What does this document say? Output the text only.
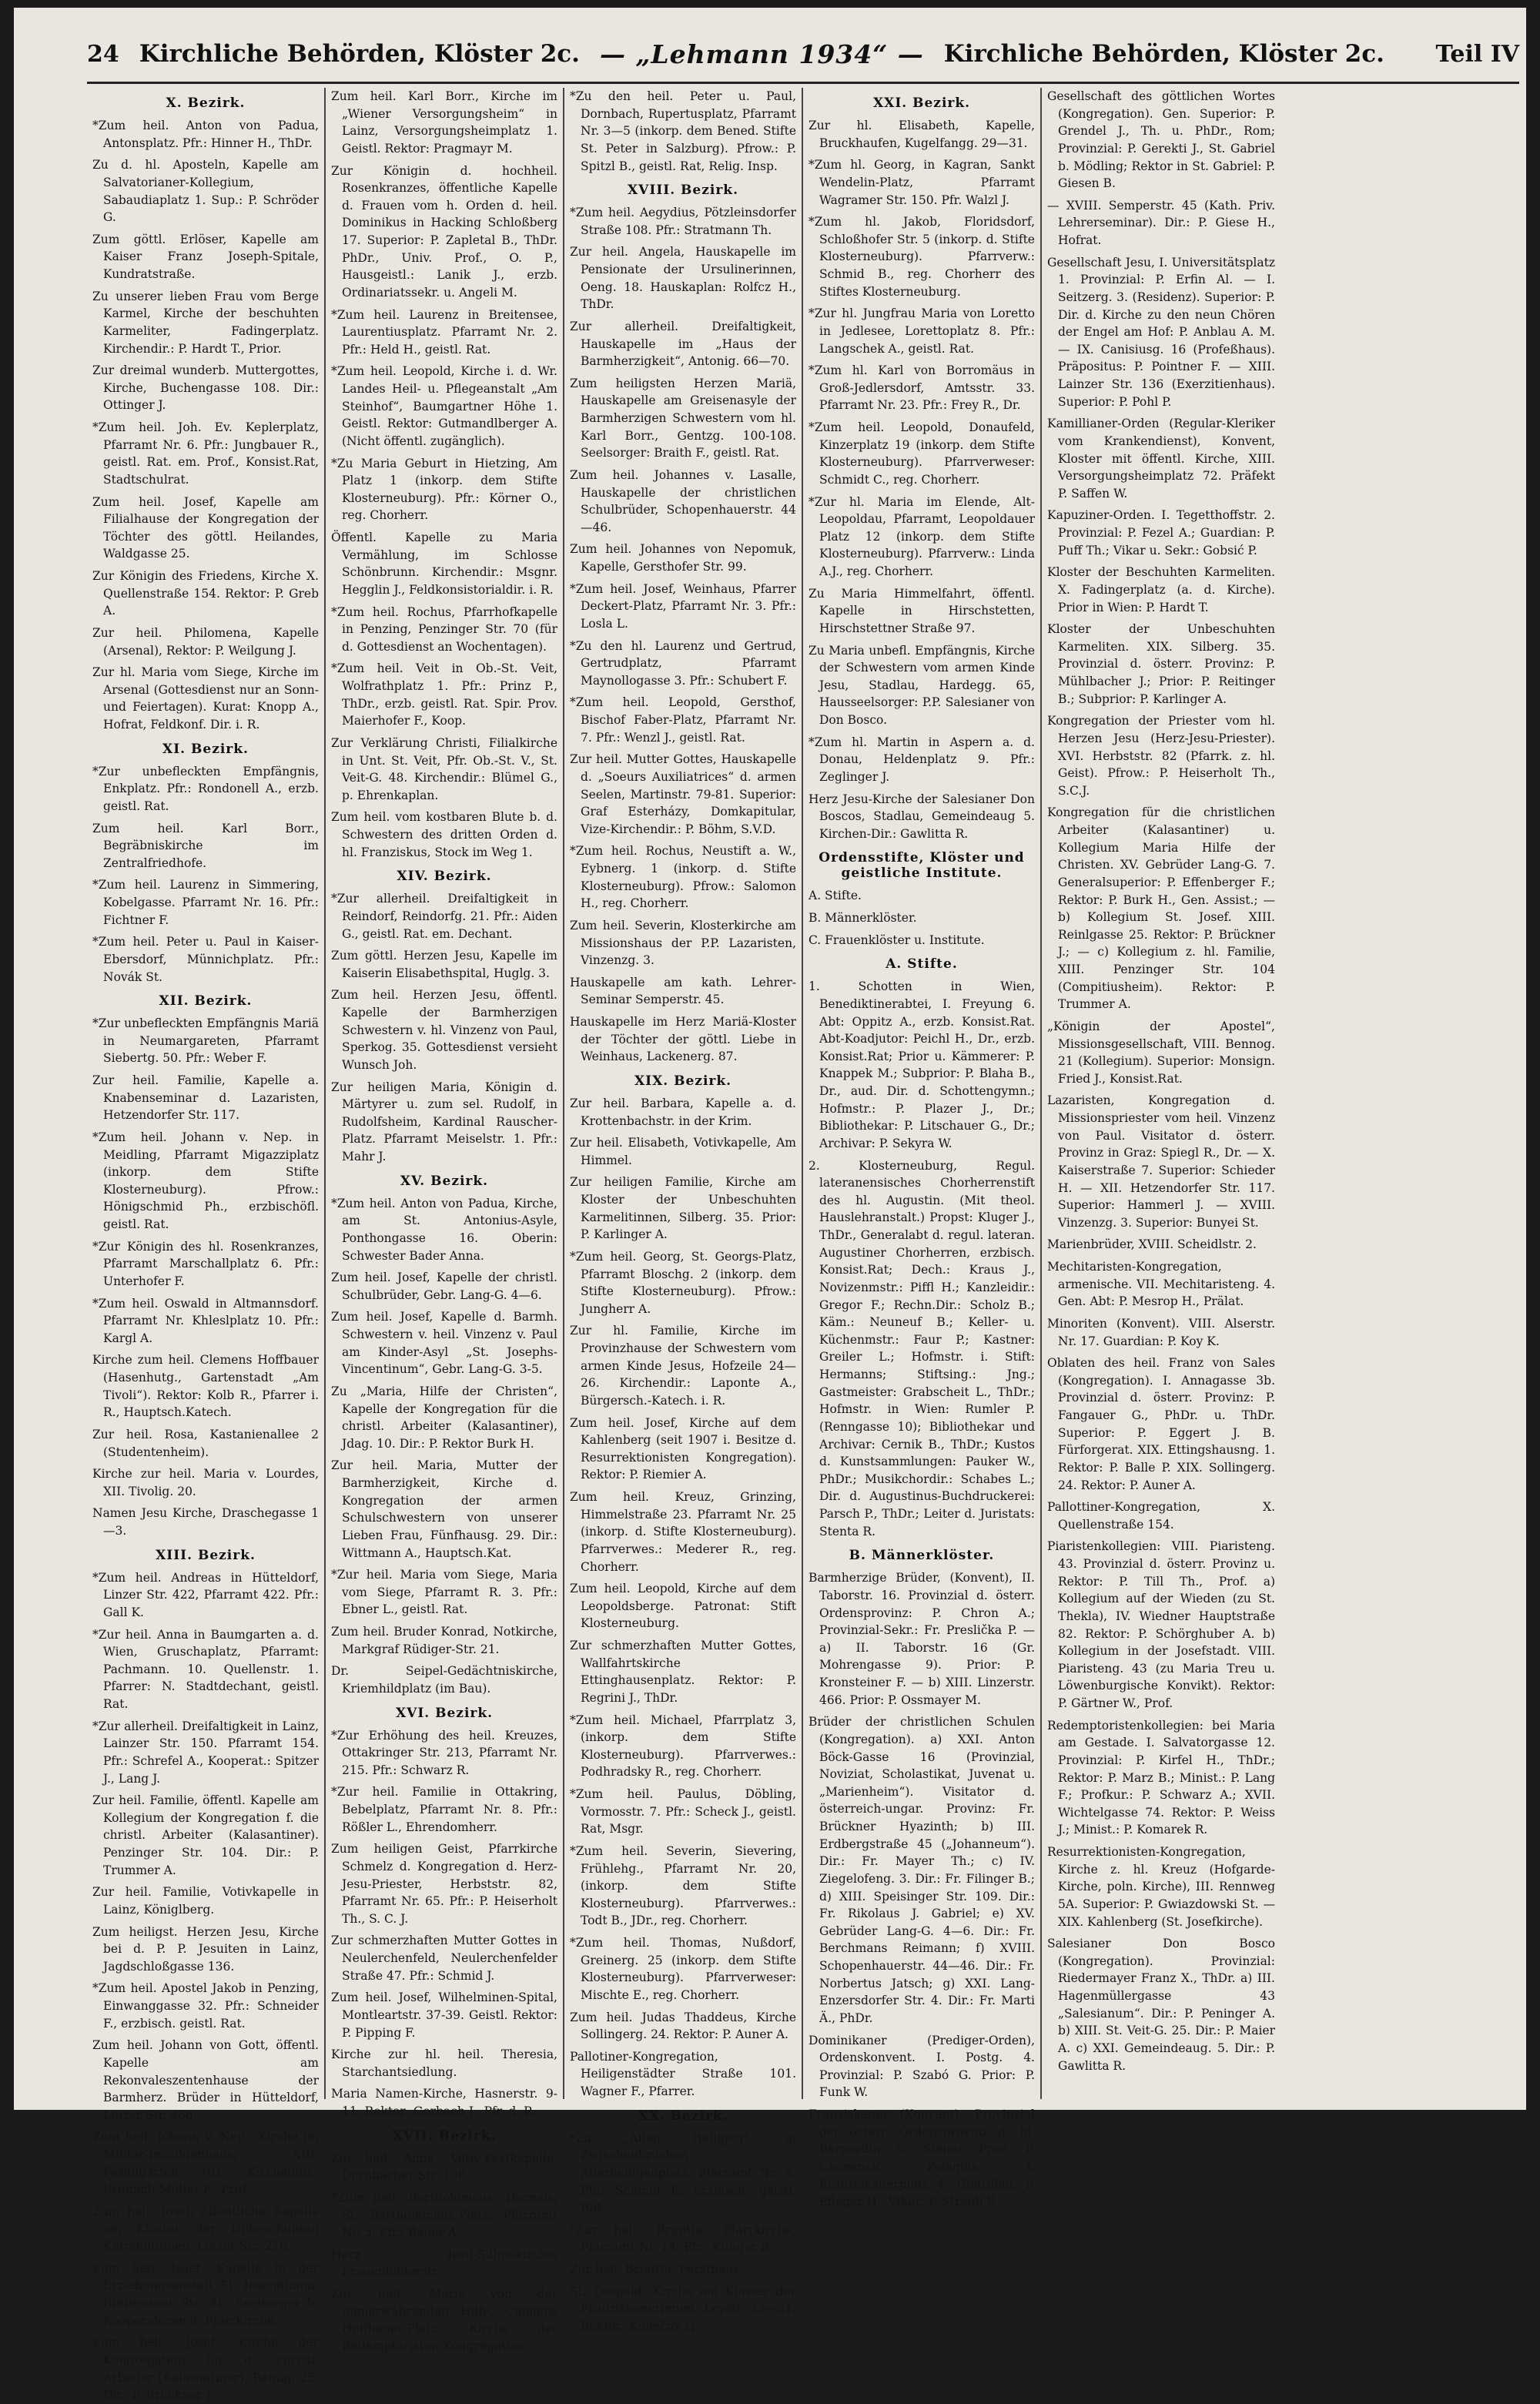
24 Kirchliche Behörden, Klöster 2c. — „Lehmann 1934“ — Kirchliche Behörden, Klöster 2c. Teil IV
X. Bezirk.
*Zum heil. Anton von Padua, Antonsplatz. Pfr.: Hinner H., ThDr.
Zu d. hl. Aposteln, Kapelle am Salvatorianer-Kollegium, Sabaudiaplatz 1. Sup.: P. Schröder G.
Zum göttl. Erlöser, Kapelle am Kaiser Franz Joseph-Spitale, Kundratstraße.
Zu unserer lieben Frau vom Berge Karmel, Kirche der beschuhten Karmeliter, Fadingerplatz. Kirchendir.: P. Hardt T., Prior.
Zur dreimal wunderb. Muttergottes, Kirche, Buchengasse 108. Dir.: Ottinger J.
*Zum heil. Joh. Ev. Keplerplatz, Pfarramt Nr. 6. Pfr.: Jungbauer R., geistl. Rat. em. Prof., Konsist.Rat, Stadtschulrat.
Zum heil. Josef, Kapelle am Filialhause der Kongregation der Töchter des göttl. Heilandes, Waldgasse 25.
Zur Königin des Friedens, Kirche X. Quellenstraße 154. Rektor: P. Greb A.
Zur heil. Philomena, Kapelle (Arsenal), Rektor: P. Weilgung J.
Zur hl. Maria vom Siege, Kirche im Arsenal (Gottesdienst nur an Sonn- und Feiertagen). Kurat: Knopp A., Hofrat, Feldkonf. Dir. i. R.
XI. Bezirk.
*Zur unbefleckten Empfängnis, Enkplatz. Pfr.: Rondonell A., erzb. geistl. Rat.
Zum heil. Karl Borr., Begräbniskirche im Zentralfriedhofe.
*Zum heil. Laurenz in Simmering, Kobelgasse. Pfarramt Nr. 16. Pfr.: Fichtner F.
*Zum heil. Peter u. Paul in Kaiser-Ebersdorf, Münnichplatz. Pfr.: Novák St.
XII. Bezirk.
*Zur unbefleckten Empfängnis Mariä in Neumargareten, Pfarramt Siebertg. 50. Pfr.: Weber F.
Zur heil. Familie, Kapelle a. Knabenseminar d. Lazaristen, Hetzendorfer Str. 117.
*Zum heil. Johann v. Nep. in Meidling, Pfarramt Migazziplatz (inkorp. dem Stifte Klosterneuburg). Pfrow.: Hönigschmid Ph., erzbischöfl. geistl. Rat.
*Zur Königin des hl. Rosenkranzes, Pfarramt Marschallplatz 6. Pfr.: Unterhofer F.
*Zum heil. Oswald in Altmannsdorf. Pfarramt Nr. Khleslplatz 10. Pfr.: Kargl A.
Kirche zum heil. Clemens Hoffbauer (Hasenhutg., Gartenstadt „Am Tivoli“). Rektor: Kolb R., Pfarrer i. R., Hauptsch.Katech.
Zur heil. Rosa, Kastanienallee 2 (Studentenheim).
Kirche zur heil. Maria v. Lourdes, XII. Tivolig. 20.
Namen Jesu Kirche, Draschegasse 1—3.
XIII. Bezirk.
*Zum heil. Andreas in Hütteldorf, Linzer Str. 422, Pfarramt 422. Pfr.: Gall K.
*Zur heil. Anna in Baumgarten a. d. Wien, Gruschaplatz, Pfarramt: Pachmann. 10. Quellenstr. 1. Pfarrer: N. Stadtdechant, geistl. Rat.
*Zur allerheil. Dreifaltigkeit in Lainz, Lainzer Str. 150. Pfarramt 154. Pfr.: Schrefel A., Kooperat.: Spitzer J., Lang J.
Zur heil. Familie, öffentl. Kapelle am Kollegium der Kongregation f. die christl. Arbeiter (Kalasantiner). Penzinger Str. 104. Dir.: P. Trummer A.
Zur heil. Familie, Votivkapelle in Lainz, Königlberg.
Zum heiligst. Herzen Jesu, Kirche bei d. P. P. Jesuiten in Lainz, Jagdschloßgasse 136.
*Zum heil. Apostel Jakob in Penzing, Einwanggasse 32. Pfr.: Schneider F., erzbisch. geistl. Rat.
Zum heil. Johann von Gott, öffentl. Kapelle am Rekonvaleszentenhause der Barmherz. Brüder in Hütteldorf, Linzer Str. 466.
Zum heil. Johann v. Nep., Kirche im Militär-Invalidenhaus, XIII. Fasangarten 101. Kirchendir.: Brinnich-Müller F., Prof.
Zum heil. Josef, öffentliche Kapelle am Kloster der Unbeschuhten Karmelitinnen, Linzer Str. 216.
Zum heil. Josef, Kapelle in der Erziehungsanstalt St. Josephinum, Breitenseer Str. 31. Seelsorger b. Kooperatoren d. Pfarrkirche.
Zum heil. Josef, Kirche der Kongregation für d. christl. Arbeiter (Kalasantiner), Reinlg. 25. Dir.: P. Brückner J.
Zum heil. Karl Borr., Kirche im „Wiener Versorgungsheim“ in Lainz, Versorgungsheimplatz 1. Geistl. Rektor: Pragmayr M.
Zur Königin d. hochheil. Rosenkranzes, öffentliche Kapelle d. Frauen vom h. Orden d. heil. Dominikus in Hacking Schloßberg 17. Superior: P. Zapletal B., ThDr. PhDr., Univ. Prof., O. P., Hausgeistl.: Lanik J., erzb. Ordinariatssekr. u. Angeli M.
*Zum heil. Laurenz in Breitensee, Laurentiusplatz. Pfarramt Nr. 2. Pfr.: Held H., geistl. Rat.
*Zum heil. Leopold, Kirche i. d. Wr. Landes Heil- u. Pflegeanstalt „Am Steinhof“, Baumgartner Höhe 1. Geistl. Rektor: Gutmandlberger A. (Nicht öffentl. zugänglich).
*Zu Maria Geburt in Hietzing, Am Platz 1 (inkorp. dem Stifte Klosterneuburg). Pfr.: Körner O., reg. Chorherr.
Öffentl. Kapelle zu Maria Vermählung, im Schlosse Schönbrunn. Kirchendir.: Msgnr. Hegglin J., Feldkonsistorialdir. i. R.
*Zum heil. Rochus, Pfarrhofkapelle in Penzing, Penzinger Str. 70 (für d. Gottesdienst an Wochentagen).
*Zum heil. Veit in Ob.-St. Veit, Wolfrathplatz 1. Pfr.: Prinz P., ThDr., erzb. geistl. Rat. Spir. Prov. Maierhofer F., Koop.
Zur Verklärung Christi, Filialkirche in Unt. St. Veit, Pfr. Ob.-St. V., St. Veit-G. 48. Kirchendir.: Blümel G., p. Ehrenkaplan.
Zum heil. vom kostbaren Blute b. d. Schwestern des dritten Orden d. hl. Franziskus, Stock im Weg 1.
XIV. Bezirk.
*Zur allerheil. Dreifaltigkeit in Reindorf, Reindorfg. 21. Pfr.: Aiden G., geistl. Rat. em. Dechant.
Zum göttl. Herzen Jesu, Kapelle im Kaiserin Elisabethspital, Huglg. 3.
Zum heil. Herzen Jesu, öffentl. Kapelle der Barmherzigen Schwestern v. hl. Vinzenz von Paul, Sperkog. 35. Gottesdienst versieht Wunsch Joh.
Zur heiligen Maria, Königin d. Märtyrer u. zum sel. Rudolf, in Rudolfsheim, Kardinal Rauscher-Platz. Pfarramt Meiselstr. 1. Pfr.: Mahr J.
XV. Bezirk.
*Zum heil. Anton von Padua, Kirche, am St. Antonius-Asyle, Ponthongasse 16. Oberin: Schwester Bader Anna.
Zum heil. Josef, Kapelle der christl. Schulbrüder, Gebr. Lang-G. 4—6.
Zum heil. Josef, Kapelle d. Barmh. Schwestern v. heil. Vinzenz v. Paul am Kinder-Asyl „St. Josephs-Vincentinum“, Gebr. Lang-G. 3-5.
Zu „Maria, Hilfe der Christen“, Kapelle der Kongregation für die christl. Arbeiter (Kalasantiner), Jdag. 10. Dir.: P. Rektor Burk H.
Zur heil. Maria, Mutter der Barmherzigkeit, Kirche d. Kongregation der armen Schulschwestern von unserer Lieben Frau, Fünfhausg. 29. Dir.: Wittmann A., Hauptsch.Kat.
*Zur heil. Maria vom Siege, Maria vom Siege, Pfarramt R. 3. Pfr.: Ebner L., geistl. Rat.
Zum heil. Bruder Konrad, Notkirche, Markgraf Rüdiger-Str. 21.
Dr. Seipel-Gedächtniskirche, Kriemhildplatz (im Bau).
XVI. Bezirk.
*Zur Erhöhung des heil. Kreuzes, Ottakringer Str. 213, Pfarramt Nr. 215. Pfr.: Schwarz R.
*Zur heil. Familie in Ottakring, Bebelplatz, Pfarramt Nr. 8. Pfr.: Rößler L., Ehrendomherr.
Zum heiligen Geist, Pfarrkirche Schmelz d. Kongregation d. Herz-Jesu-Priester, Herbststr. 82, Pfarramt Nr. 65. Pfr.: P. Heiserholt Th., S. C. J.
Zur schmerzhaften Mutter Gottes in Neulerchenfeld, Neulerchenfelder Straße 47. Pfr.: Schmid J.
Zum heil. Josef, Wilhelminen-Spital, Montleartstr. 37-39. Geistl. Rektor: P. Pipping F.
Kirche zur hl. heil. Theresia, Starchantsiedlung.
Maria Namen-Kirche, Hasnerstr. 9-11. Rektor: Gorbach J., Pfr. d. R.
XVII. Bezirk.
Zur heil. Anna, Votiv-Pestkapelle, Dornbacher Str. 108.
*Zum heil. Bartholomäus, Hernals, St. Bartholomäus-Platz, Pfarramt Nr. 3. Pfr.: Bauer A.
Herz Jesu-Sühnekirche, Frauenfelderstr.
Zur heil. Maria von der immerwährenden Hilfe, Clemens Hoffbauer-Platz, Kirche der Redemptoristen-Kongregation.
*Zu den heil. Peter u. Paul, Dornbach, Rupertusplatz, Pfarramt Nr. 3—5 (inkorp. dem Bened. Stifte St. Peter in Salzburg). Pfrow.: P. Spitzl B., geistl. Rat, Relig. Insp.
XVIII. Bezirk.
*Zum heil. Aegydius, Pötzleinsdorfer Straße 108. Pfr.: Stratmann Th.
Zur heil. Angela, Hauskapelle im Pensionate der Ursulinerinnen, Oeng. 18. Hauskaplan: Rolfcz H., ThDr.
Zur allerheil. Dreifaltigkeit, Hauskapelle im „Haus der Barmherzigkeit“, Antonig. 66—70.
Zum heiligsten Herzen Mariä, Hauskapelle am Greisenasyle der Barmherzigen Schwestern vom hl. Karl Borr., Gentzg. 100-108. Seelsorger: Braith F., geistl. Rat.
Zum heil. Johannes v. Lasalle, Hauskapelle der christlichen Schulbrüder, Schopenhauerstr. 44—46.
Zum heil. Johannes von Nepomuk, Kapelle, Gersthofer Str. 99.
*Zum heil. Josef, Weinhaus, Pfarrer Deckert-Platz, Pfarramt Nr. 3. Pfr.: Losla L.
*Zu den hl. Laurenz und Gertrud, Gertrudplatz, Pfarramt Maynollogasse 3. Pfr.: Schubert F.
*Zum heil. Leopold, Gersthof, Bischof Faber-Platz, Pfarramt Nr. 7. Pfr.: Wenzl J., geistl. Rat.
Zur heil. Mutter Gottes, Hauskapelle d. „Soeurs Auxiliatrices“ d. armen Seelen, Martinstr. 79-81. Superior: Graf Esterházy, Domkapitular, Vize-Kirchendir.: P. Böhm, S.V.D.
*Zum heil. Rochus, Neustift a. W., Eybnerg. 1 (inkorp. d. Stifte Klosterneuburg). Pfrow.: Salomon H., reg. Chorherr.
Zum heil. Severin, Klosterkirche am Missionshaus der P.P. Lazaristen, Vinzenzg. 3.
Hauskapelle am kath. Lehrer-Seminar Semperstr. 45.
Hauskapelle im Herz Mariä-Kloster der Töchter der göttl. Liebe in Weinhaus, Lackenerg. 87.
XIX. Bezirk.
Zur heil. Barbara, Kapelle a. d. Krottenbachstr. in der Krim.
Zur heil. Elisabeth, Votivkapelle, Am Himmel.
Zur heiligen Familie, Kirche am Kloster der Unbeschuhten Karmelitinnen, Silberg. 35. Prior: P. Karlinger A.
*Zum heil. Georg, St. Georgs-Platz, Pfarramt Bloschg. 2 (inkorp. dem Stifte Klosterneuburg). Pfrow.: Jungherr A.
Zur hl. Familie, Kirche im Provinzhause der Schwestern vom armen Kinde Jesus, Hofzeile 24—26. Kirchendir.: Laponte A., Bürgersch.-Katech. i. R.
Zum heil. Josef, Kirche auf dem Kahlenberg (seit 1907 i. Besitze d. Resurrektionisten Kongregation). Rektor: P. Riemier A.
Zum heil. Kreuz, Grinzing, Himmelstraße 23. Pfarramt Nr. 25 (inkorp. d. Stifte Klosterneuburg). Pfarrverwes.: Mederer R., reg. Chorherr.
Zum heil. Leopold, Kirche auf dem Leopoldsberge. Patronat: Stift Klosterneuburg.
Zur schmerzhaften Mutter Gottes, Wallfahrtskirche Ettinghausenplatz. Rektor: P. Regrini J., ThDr.
*Zum heil. Michael, Pfarrplatz 3, (inkorp. dem Stifte Klosterneuburg). Pfarrverwes.: Podhradsky R., reg. Chorherr.
*Zum heil. Paulus, Döbling, Vormosstr. 7. Pfr.: Scheck J., geistl. Rat, Msgr.
*Zum heil. Severin, Sievering, Frühlehg., Pfarramt Nr. 20, (inkorp. dem Stifte Klosterneuburg). Pfarrverwes.: Todt B., JDr., reg. Chorherr.
*Zum heil. Thomas, Nußdorf, Greinerg. 25 (inkorp. dem Stifte Klosterneuburg). Pfarrverweser: Mischte E., reg. Chorherr.
Zum heil. Judas Thaddeus, Kirche Sollingerg. 24. Rektor: P. Auner A.
Pallotiner-Kongregation, Heiligenstädter Straße 101. Wagner F., Pfarrer.
XX. Bezirk.
*Zu „Allen Heiligen“, in Zwischenbrücken Allerheiligenplatz. Pfarramt Nr. 5. Pfr.: Schmid F., erzbisch. geistl. Rat.
*Zur heil. Brigitta, Pfarrkirche, Pfarramt Nr. 14. Pfr.: Klinger B.
Zur heil. Brigitta, Forsthaus.
St. Leopold, Kirche am Kloster der Franziskanerinnen, Leystr. 25—31. Rektor: Konečny H.
XXI. Bezirk.
Zur hl. Elisabeth, Kapelle, Bruckhaufen, Kugelfangg. 29—31.
*Zum hl. Georg, in Kagran, Sankt Wendelin-Platz, Pfarramt Wagramer Str. 150. Pfr. Walzl J.
*Zum hl. Jakob, Floridsdorf, Schloßhofer Str. 5 (inkorp. d. Stifte Klosterneuburg). Pfarrverw.: Schmid B., reg. Chorherr des Stiftes Klosterneuburg.
*Zur hl. Jungfrau Maria von Loretto in Jedlesee, Lorettoplatz 8. Pfr.: Langschek A., geistl. Rat.
*Zum hl. Karl von Borromäus in Groß-Jedlersdorf, Amtsstr. 33. Pfarramt Nr. 23. Pfr.: Frey R., Dr.
*Zum heil. Leopold, Donaufeld, Kinzerplatz 19 (inkorp. dem Stifte Klosterneuburg). Pfarrverweser: Schmidt C., reg. Chorherr.
*Zur hl. Maria im Elende, Alt-Leopoldau, Pfarramt, Leopoldauer Platz 12 (inkorp. dem Stifte Klosterneuburg). Pfarrverw.: Linda A.J., reg. Chorherr.
Zu Maria Himmelfahrt, öffentl. Kapelle in Hirschstetten, Hirschstettner Straße 97.
Zu Maria unbefl. Empfängnis, Kirche der Schwestern vom armen Kinde Jesu, Stadlau, Hardegg. 65, Hausseelsorger: P.P. Salesianer von Don Bosco.
*Zum hl. Martin in Aspern a. d. Donau, Heldenplatz 9. Pfr.: Zeglinger J.
Herz Jesu-Kirche der Salesianer Don Boscos, Stadlau, Gemeindeaug 5. Kirchen-Dir.: Gawlitta R.
Ordensstifte, Klöster und geistliche Institute.
A. Stifte.
B. Männerklöster.
C. Frauenklöster u. Institute.
A. Stifte.
1. Schotten in Wien, Benediktinerabtei, I. Freyung 6. Abt: Oppitz A., erzb. Konsist.Rat. Abt-Koadjutor: Peichl H., Dr., erzb. Konsist.Rat; Prior u. Kämmerer: P. Knappek M.; Subprior: P. Blaha B., Dr., aud. Dir. d. Schottengymn.; Hofmstr.: P. Plazer J., Dr.; Bibliothekar: P. Litschauer G., Dr.; Archivar: P. Sekyra W.
2. Klosterneuburg, Regul. lateranensisches Chorherrenstift des hl. Augustin. (Mit theol. Hauslehranstalt.) Propst: Kluger J., ThDr., Generalabt d. regul. lateran. Augustiner Chorherren, erzbisch. Konsist.Rat; Dech.: Kraus J., Novizenmstr.: Piffl H.; Kanzleidir.: Gregor F.; Rechn.Dir.: Scholz B.; Käm.: Neuneuf B.; Keller- u. Küchenmstr.: Faur P.; Kastner: Greiler L.; Hofmstr. i. Stift: Hermanns; Stiftsing.: Jng.; Gastmeister: Grabscheit L., ThDr.; Hofmstr. in Wien: Rumler P. (Renngasse 10); Bibliothekar und Archivar: Cernik B., ThDr.; Kustos d. Kunstsammlungen: Pauker W., PhDr.; Musikchordir.: Schabes L.; Dir. d. Augustinus-Buchdruckerei: Parsch P., ThDr.; Leiter d. Juristats: Stenta R.
B. Männerklöster.
Barmherzige Brüder, (Konvent), II. Taborstr. 16. Provinzial d. österr. Ordensprovinz: P. Chron A.; Provinzial-Sekr.: Fr. Preslička P. — a) II. Taborstr. 16 (Gr. Mohrengasse 9). Prior: P. Kronsteiner F. — b) XIII. Linzerstr. 466. Prior: P. Ossmayer M.
Brüder der christlichen Schulen (Kongregation). a) XXI. Anton Böck-Gasse 16 (Provinzial, Noviziat, Scholastikat, Juvenat u. „Marienheim“). Visitator d. österreich-ungar. Provinz: Fr. Brückner Hyazinth; b) III. Erdbergstraße 45 („Johanneum“). Dir.: Fr. Mayer Th.; c) IV. Ziegelofeng. 3. Dir.: Fr. Filinger B.; d) XIII. Speisinger Str. 109. Dir.: Fr. Rikolaus J. Gabriel; e) XV. Gebrüder Lang-G. 4—6. Dir.: Fr. Berchmans Reimann; f) XVIII. Schopenhauerstr. 44—46. Dir.: Fr. Norbertus Jatsch; g) XXI. Lang-Enzersdorfer Str. 4. Dir.: Fr. Marti Ä., PhDr.
Dominikaner (Prediger-Orden), Ordenskonvent. I. Postg. 4. Provinzial: P. Szabó G. Prior: P. Funk W.
Franziskaner (Konvent). Provinzial der österr. Ordensprovinz d. hl. Bernardin v. Siena: Prov. P. Clemenčič Pelagius; I. Franziskanerplatz 4. Guardian: P. Pfleger H.; Vikar: P. Straub P.
Gesellschaft des göttlichen Wortes (Kongregation). Gen. Superior: P. Grendel J., Th. u. PhDr., Rom; Provinzial: P. Gerekti J., St. Gabriel b. Mödling; Rektor in St. Gabriel: P. Giesen B.
— XVIII. Semperstr. 45 (Kath. Priv. Lehrerseminar). Dir.: P. Giese H., Hofrat.
Gesellschaft Jesu, I. Universitätsplatz 1. Provinzial: P. Erfin Al. — I. Seitzerg. 3. (Residenz). Superior: P. Dir. d. Kirche zu den neun Chören der Engel am Hof: P. Anblau A. M. — IX. Canisiusg. 16 (Profeßhaus). Präpositus: P. Pointner F. — XIII. Lainzer Str. 136 (Exerzitienhaus). Superior: P. Pohl P.
Kamillianer-Orden (Regular-Kleriker vom Krankendienst), Konvent, Kloster mit öffentl. Kirche, XIII. Versorgungsheimplatz 72. Präfekt P. Saffen W.
Kapuziner-Orden. I. Tegetthoffstr. 2. Provinzial: P. Fezel A.; Guardian: P. Puff Th.; Vikar u. Sekr.: Gobsić P.
Kloster der Beschuhten Karmeliten. X. Fadingerplatz (a. d. Kirche). Prior in Wien: P. Hardt T.
Kloster der Unbeschuhten Karmeliten. XIX. Silberg. 35. Provinzial d. österr. Provinz: P. Mühlbacher J.; Prior: P. Reitinger B.; Subprior: P. Karlinger A.
Kongregation der Priester vom hl. Herzen Jesu (Herz-Jesu-Priester). XVI. Herbststr. 82 (Pfarrk. z. hl. Geist). Pfrow.: P. Heiserholt Th., S.C.J.
Kongregation für die christlichen Arbeiter (Kalasantiner) u. Kollegium Maria Hilfe der Christen. XV. Gebrüder Lang-G. 7. Generalsuperior: P. Effenberger F.; Rektor: P. Burk H., Gen. Assist.; — b) Kollegium St. Josef. XIII. Reinlgasse 25. Rektor: P. Brückner J.; — c) Kollegium z. hl. Familie, XIII. Penzinger Str. 104 (Compitiusheim). Rektor: P. Trummer A.
„Königin der Apostel“, Missionsgesellschaft, VIII. Bennog. 21 (Kollegium). Superior: Monsign. Fried J., Konsist.Rat.
Lazaristen, Kongregation d. Missionspriester vom heil. Vinzenz von Paul. Visitator d. österr. Provinz in Graz: Spiegl R., Dr. — X. Kaiserstraße 7. Superior: Schieder H. — XII. Hetzendorfer Str. 117. Superior: Hammerl J. — XVIII. Vinzenzg. 3. Superior: Bunyei St.
Marienbrüder, XVIII. Scheidlstr. 2.
Mechitaristen-Kongregation, armenische. VII. Mechitaristeng. 4. Gen. Abt: P. Mesrop H., Prälat.
Minoriten (Konvent). VIII. Alserstr. Nr. 17. Guardian: P. Koy K.
Oblaten des heil. Franz von Sales (Kongregation). I. Annagasse 3b. Provinzial d. österr. Provinz: P. Fangauer G., PhDr. u. ThDr. Superior: P. Eggert J. B. Fürforgerat. XIX. Ettingshausng. 1. Rektor: P. Balle P. XIX. Sollingerg. 24. Rektor: P. Auner A.
Pallottiner-Kongregation, X. Quellenstraße 154.
Piaristenkollegien: VIII. Piaristeng. 43. Provinzial d. österr. Provinz u. Rektor: P. Till Th., Prof. a) Kollegium auf der Wieden (zu St. Thekla), IV. Wiedner Hauptstraße 82. Rektor: P. Schörghuber A. b) Kollegium in der Josefstadt. VIII. Piaristeng. 43 (zu Maria Treu u. Löwenburgische Konvikt). Rektor: P. Gärtner W., Prof.
Redemptoristenkollegien: bei Maria am Gestade. I. Salvatorgasse 12. Provinzial: P. Kirfel H., ThDr.; Rektor: P. Marz B.; Minist.: P. Lang F.; Profkur.: P. Schwarz A.; XVII. Wichtelgasse 74. Rektor: P. Weiss J.; Minist.: P. Komarek R.
Resurrektionisten-Kongregation, Kirche z. hl. Kreuz (Hofgarde-Kirche, poln. Kirche), III. Rennweg 5A. Superior: P. Gwiazdowski St. — XIX. Kahlenberg (St. Josefkirche).
Salesianer Don Bosco (Kongregation). Provinzial: Riedermayer Franz X., ThDr. a) III. Hagenmüllergasse 43 „Salesianum“. Dir.: P. Peninger A. b) XIII. St. Veit-G. 25. Dir.: P. Maier A. c) XXI. Gemeindeaug. 5. Dir.: P. Gawlitta R.
